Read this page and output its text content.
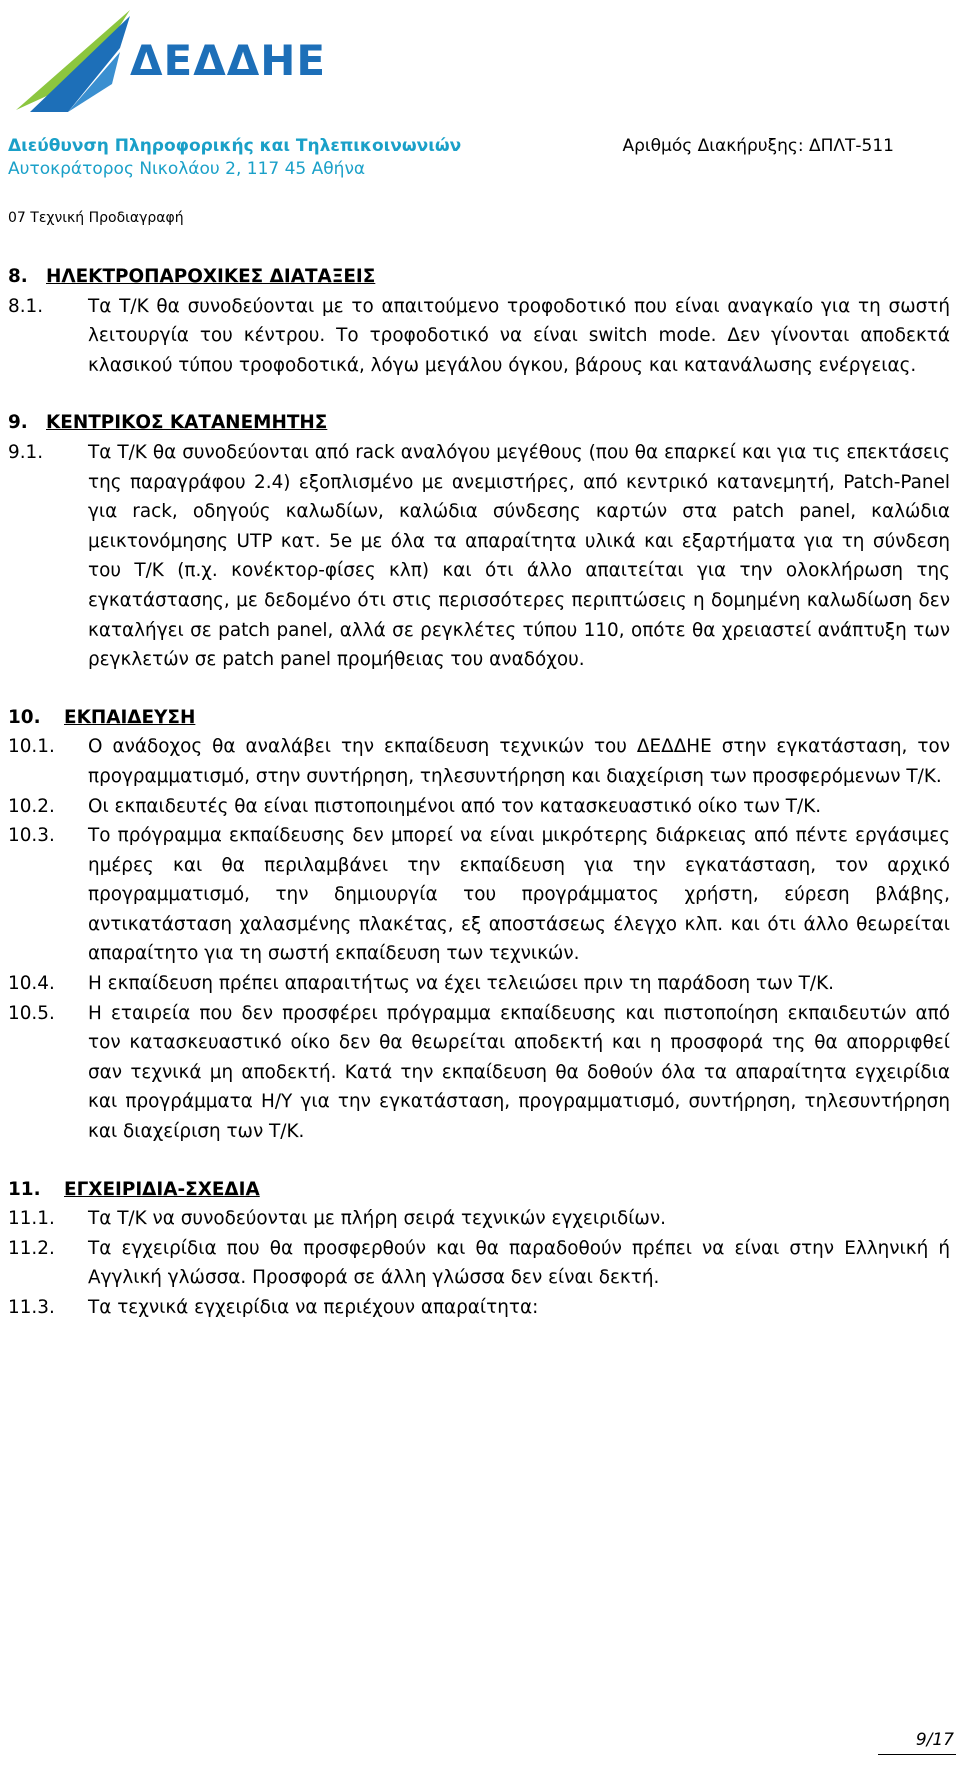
ΔΕΔΔΗΕ
Διεύθυνση Πληροφορικής και Τηλεπικοινωνιών
Αυτοκράτορος Νικολάου 2, 117 45 Αθήνα
Αριθμός Διακήρυξης: ΔΠΛΤ-511
07 Τεχνική Προδιαγραφή
8. ΗΛΕΚΤΡΟΠΑΡΟΧΙΚΕΣ ΔΙΑΤΑΞΕΙΣ
8.1.	Τα Τ/Κ θα συνοδεύονται με το απαιτούμενο τροφοδοτικό που είναι αναγκαίο για τη σωστή λειτουργία του κέντρου. Το τροφοδοτικό να είναι switch mode. Δεν γίνονται αποδεκτά κλασικού τύπου τροφοδοτικά, λόγω μεγάλου όγκου, βάρους και κατανάλωσης ενέργειας.
9. ΚΕΝΤΡΙΚΟΣ ΚΑΤΑΝΕΜΗΤΗΣ
9.1.	Τα Τ/Κ θα συνοδεύονται από rack αναλόγου μεγέθους (που θα επαρκεί και για τις επεκτάσεις της παραγράφου 2.4) εξοπλισμένο με ανεμιστήρες, από κεντρικό κατανεμητή, Patch-Panel για rack, οδηγούς καλωδίων, καλώδια σύνδεσης καρτών στα patch panel, καλώδια μεικτονόμησης UTP κατ. 5e με όλα τα απαραίτητα υλικά και εξαρτήματα για τη σύνδεση του Τ/Κ (π.χ. κονέκτορ-φίσες κλπ) και ότι άλλο απαιτείται για την ολοκλήρωση της εγκατάστασης, με δεδομένο ότι στις περισσότερες περιπτώσεις η δομημένη καλωδίωση δεν καταλήγει σε patch panel, αλλά σε ρεγκλέτες τύπου 110, οπότε θα χρειαστεί ανάπτυξη των ρεγκλετών σε patch panel προμήθειας του αναδόχου.
10.	ΕΚΠΑΙΔΕΥΣΗ
10.1.	Ο ανάδοχος θα αναλάβει την εκπαίδευση τεχνικών του ΔΕΔΔΗΕ στην εγκατάσταση, τον προγραμματισμό, στην συντήρηση, τηλεσυντήρηση και διαχείριση των προσφερόμενων Τ/Κ.
10.2.	Οι εκπαιδευτές θα είναι πιστοποιημένοι από τον κατασκευαστικό οίκο των Τ/Κ.
10.3.	Το πρόγραμμα εκπαίδευσης δεν μπορεί να είναι μικρότερης διάρκειας από πέντε εργάσιμες ημέρες και θα περιλαμβάνει την εκπαίδευση για την εγκατάσταση, τον αρχικό προγραμματισμό, την δημιουργία του προγράμματος χρήστη, εύρεση βλάβης, αντικατάσταση χαλασμένης πλακέτας, εξ αποστάσεως έλεγχο κλπ. και ότι άλλο θεωρείται απαραίτητο για τη σωστή εκπαίδευση των τεχνικών.
10.4.	Η εκπαίδευση πρέπει απαραιτήτως να έχει τελειώσει πριν τη παράδοση των Τ/Κ.
10.5.	Η εταιρεία που δεν προσφέρει πρόγραμμα εκπαίδευσης και πιστοποίηση εκπαιδευτών από τον κατασκευαστικό οίκο δεν θα θεωρείται αποδεκτή και η προσφορά της θα απορριφθεί σαν τεχνικά μη αποδεκτή. Κατά την εκπαίδευση θα δοθούν όλα τα απαραίτητα εγχειρίδια και προγράμματα Η/Υ για την εγκατάσταση, προγραμματισμό, συντήρηση, τηλεσυντήρηση και διαχείριση των Τ/Κ.
11.	ΕΓΧΕΙΡΙΔΙΑ-ΣΧΕΔΙΑ
11.1.	Τα Τ/Κ να συνοδεύονται με πλήρη σειρά τεχνικών εγχειριδίων.
11.2.	Τα εγχειρίδια που θα προσφερθούν και θα παραδοθούν πρέπει να είναι στην Ελληνική ή Αγγλική γλώσσα. Προσφορά σε άλλη γλώσσα δεν είναι δεκτή.
11.3.	Τα τεχνικά εγχειρίδια να περιέχουν απαραίτητα:
9/17
